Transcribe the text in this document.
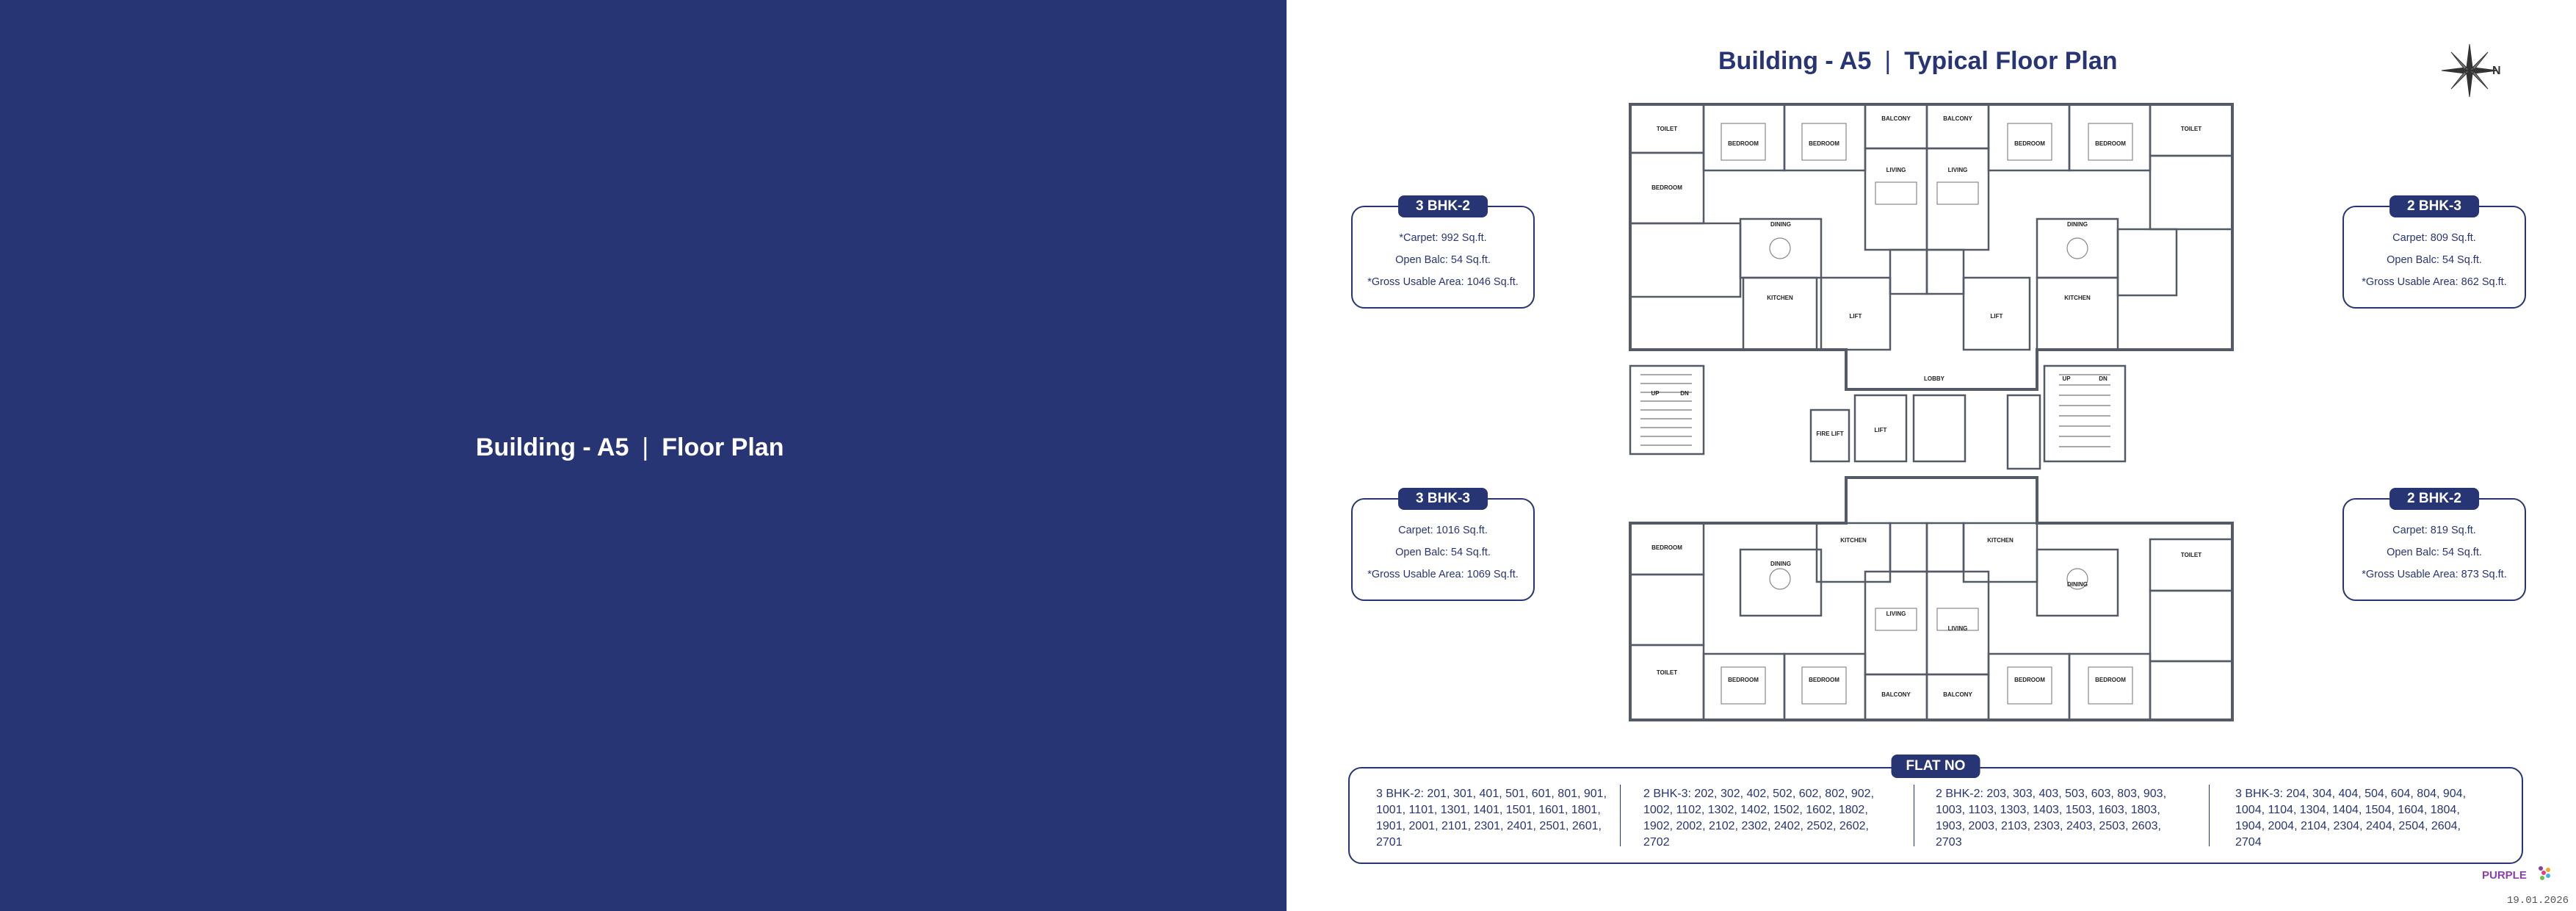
Building - A5 | Floor Plan
Building - A5 | Typical Floor Plan	N
3 BHK-2
*Carpet: 992 Sq.ft.
Open Balc: 54 Sq.ft.
*Gross Usable Area: 1046 Sq.ft.
2 BHK-3
Carpet: 809 Sq.ft.
Open Balc: 54 Sq.ft.
*Gross Usable Area: 862 Sq.ft.
3 BHK-3
Carpet: 1016 Sq.ft.
Open Balc: 54 Sq.ft.
*Gross Usable Area: 1069 Sq.ft.
2 BHK-2
Carpet: 819 Sq.ft.
Open Balc: 54 Sq.ft.
*Gross Usable Area: 873 Sq.ft.
BALCONY	BALCONY
LIVING	LIVING
DINING	DINING
KITCHEN	KITCHEN
BEDROOM	BEDROOM	BEDROOM	BEDROOM
TOILET	TOILET
BEDROOM
LIFT	LIFT
LOBBY
FIRE LIFT
LIFT
UP	DN
UP	DN
BEDROOM
BEDROOM	BEDROOM	BEDROOM	BEDROOM
BALCONY	BALCONY
LIVING
LIVING
DINING
DINING
KITCHEN	KITCHEN
TOILET
TOILET
FLAT NO
3 BHK-2: 201, 301, 401, 501, 601, 801, 901, 1001, 1101, 1301, 1401, 1501, 1601, 1801, 1901, 2001, 2101, 2301, 2401, 2501, 2601, 2701
2 BHK-3: 202, 302, 402, 502, 602, 802, 902, 1002, 1102, 1302, 1402, 1502, 1602, 1802, 1902, 2002, 2102, 2302, 2402, 2502, 2602, 2702
2 BHK-2: 203, 303, 403, 503, 603, 803, 903, 1003, 1103, 1303, 1403, 1503, 1603, 1803, 1903, 2003, 2103, 2303, 2403, 2503, 2603, 2703
3 BHK-3: 204, 304, 404, 504, 604, 804, 904, 1004, 1104, 1304, 1404, 1504, 1604, 1804, 1904, 2004, 2104, 2304, 2404, 2504, 2604, 2704
PURPLE
19.01.2026
